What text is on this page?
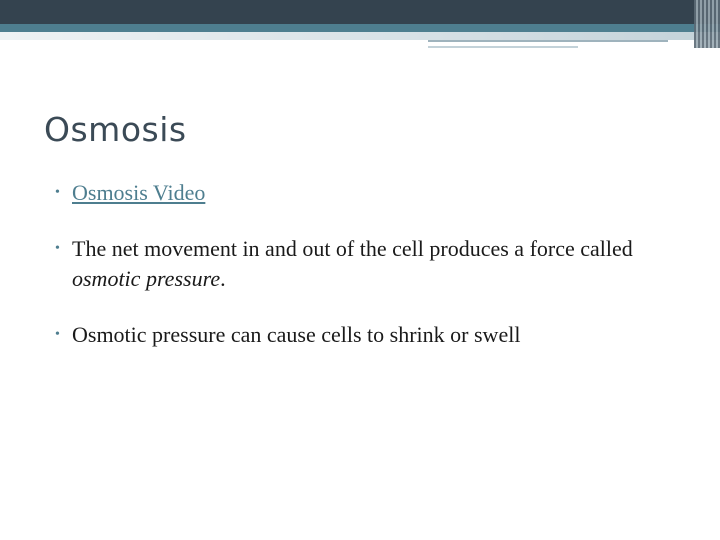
Osmosis
• Osmosis Video
• The net movement in and out of the cell produces a force called osmotic pressure.
• Osmotic pressure can cause cells to shrink or swell
